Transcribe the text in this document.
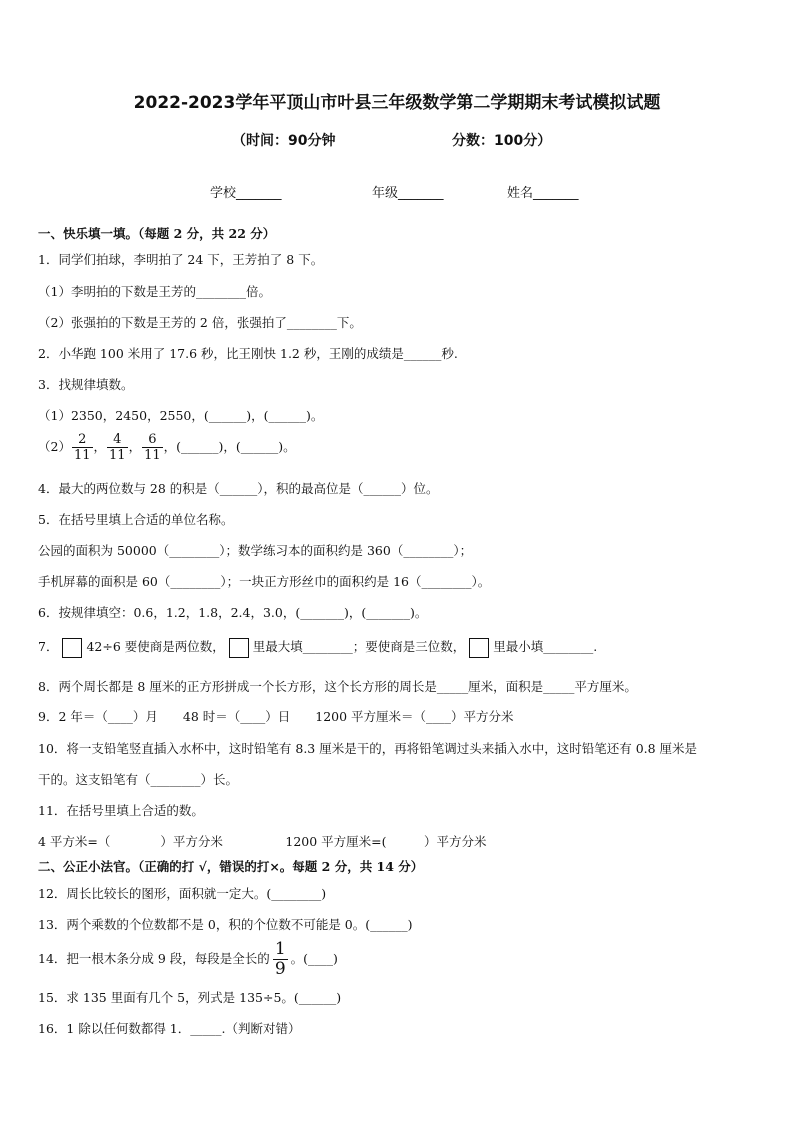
2022-2023学年平顶山市叶县三年级数学第二学期期末考试模拟试题
（时间：90分钟	分数：100分）
学校_______	年级_______	姓名_______
一、快乐填一填。（每题 2 分，共 22 分）
1．同学们拍球，李明拍了 24 下，王芳拍了 8 下。
（1）李明拍的下数是王芳的________倍。
（2）张强拍的下数是王芳的 2 倍，张强拍了________下。
2．小华跑 100 米用了 17.6 秒，比王刚快 1.2 秒，王刚的成绩是______秒.
3．找规律填数。
（1）2350，2450，2550，(______)，(______)。
$(2) \frac{2}{11}$ ， $\frac{4}{11}$ ， $\frac{6}{11}$ ，(______)，(______)。
4．最大的两位数与 28 的积是（______），积的最高位是（______）位。
5．在括号里填上合适的单位名称。
公园的面积为 50000（________）；数学练习本的面积约是 360（________）；
手机屏幕的面积是 60（________）；一块正方形丝巾的面积约是 16（________）。
6．按规律填空：0.6，1.2，1.8，2.4，3.0，(_______)，(_______)。
7． 42÷6 要使商是两位数， 里最大填________；要使商是三位数， 里最小填________.
8．两个周长都是 8 厘米的正方形拼成一个长方形，这个长方形的周长是_____厘米，面积是_____平方厘米。
9．2 年＝（____）月　　48 时＝（____）日　　1200 平方厘米＝（____）平方分米
10．将一支铅笔竖直插入水杯中，这时铅笔有 8.3 厘米是干的，再将铅笔调过头来插入水中，这时铅笔还有 0.8 厘米是
干的。这支铅笔有（________）长。
11．在括号里填上合适的数。
4 平方米=（　　　　）平方分米　　　　　1200 平方厘米=(　　　）平方分米
二、公正小法官。（正确的打 √，错误的打×。每题 2 分，共 14 分）
12．周长比较长的图形，面积就一定大。(________)
13．两个乘数的个位数都不是 0，积的个位数不可能是 0。(______)
14．把一根木条分成 9 段，每段是全长的 $\frac{1}{9}$ 。(____)
15．求 135 里面有几个 5，列式是 135÷5。(______)
16．1 除以任何数都得 1．_____.（判断对错）
